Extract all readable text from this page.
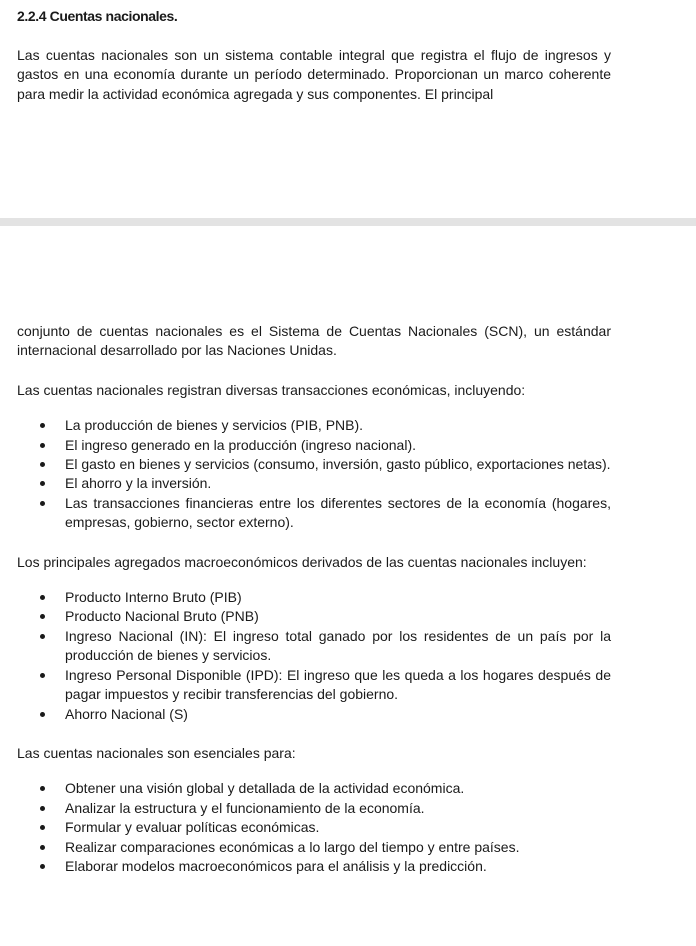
2.2.4 Cuentas nacionales.

Las cuentas nacionales son un sistema contable integral que registra el flujo de ingresos y gastos en una economía durante un período determinado. Proporcionan un marco coherente para medir la actividad económica agregada y sus componentes. El principal

conjunto de cuentas nacionales es el Sistema de Cuentas Nacionales (SCN), un estándar internacional desarrollado por las Naciones Unidas.

Las cuentas nacionales registran diversas transacciones económicas, incluyendo:

La producción de bienes y servicios (PIB, PNB).
El ingreso generado en la producción (ingreso nacional).
El gasto en bienes y servicios (consumo, inversión, gasto público, exportaciones netas).
El ahorro y la inversión.
Las transacciones financieras entre los diferentes sectores de la economía (hogares, empresas, gobierno, sector externo).

Los principales agregados macroeconómicos derivados de las cuentas nacionales incluyen:

Producto Interno Bruto (PIB)
Producto Nacional Bruto (PNB)
Ingreso Nacional (IN): El ingreso total ganado por los residentes de un país por la producción de bienes y servicios.
Ingreso Personal Disponible (IPD): El ingreso que les queda a los hogares después de pagar impuestos y recibir transferencias del gobierno.
Ahorro Nacional (S)

Las cuentas nacionales son esenciales para:

Obtener una visión global y detallada de la actividad económica.
Analizar la estructura y el funcionamiento de la economía.
Formular y evaluar políticas económicas.
Realizar comparaciones económicas a lo largo del tiempo y entre países.
Elaborar modelos macroeconómicos para el análisis y la predicción.
